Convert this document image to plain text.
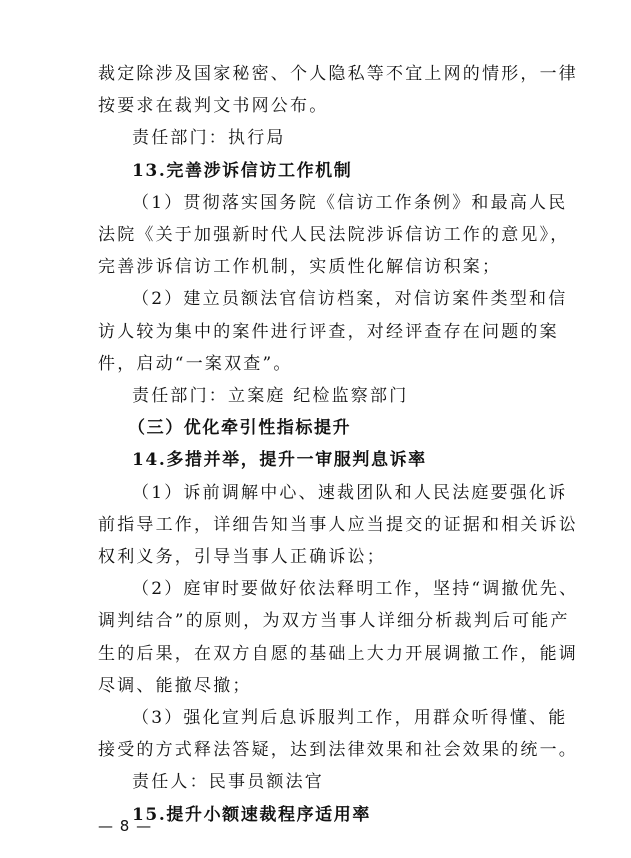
裁定除涉及国家秘密、个人隐私等不宜上网的情形，一律
按要求在裁判文书网公布。
责任部门：执行局
13.完善涉诉信访工作机制
（1）贯彻落实国务院《信访工作条例》和最高人民
法院《关于加强新时代人民法院涉诉信访工作的意见》，
完善涉诉信访工作机制，实质性化解信访积案；
（2）建立员额法官信访档案，对信访案件类型和信
访人较为集中的案件进行评查，对经评查存在问题的案
件，启动“一案双查”。
责任部门：立案庭 纪检监察部门
（三）优化牵引性指标提升
14.多措并举，提升一审服判息诉率
（1）诉前调解中心、速裁团队和人民法庭要强化诉
前指导工作，详细告知当事人应当提交的证据和相关诉讼
权利义务，引导当事人正确诉讼；
（2）庭审时要做好依法释明工作，坚持“调撤优先、
调判结合”的原则，为双方当事人详细分析裁判后可能产
生的后果，在双方自愿的基础上大力开展调撤工作，能调
尽调、能撤尽撤；
（3）强化宣判后息诉服判工作，用群众听得懂、能
接受的方式释法答疑，达到法律效果和社会效果的统一。
责任人：民事员额法官
— 8 —
15.提升小额速裁程序适用率
